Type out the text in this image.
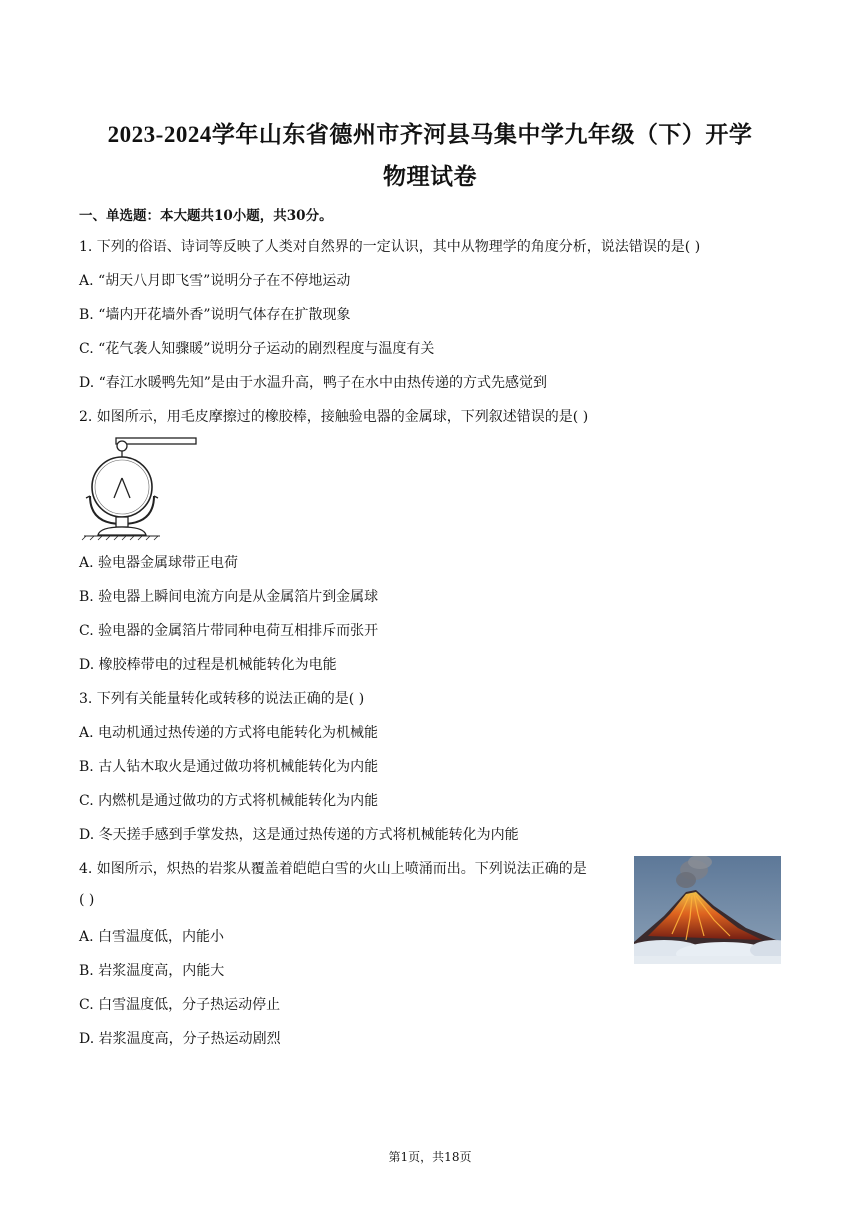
2023-2024学年山东省德州市齐河县马集中学九年级（下）开学
物理试卷
一、单选题：本大题共10小题，共30分。
1. 下列的俗语、诗词等反映了人类对自然界的一定认识，其中从物理学的角度分析，说法错误的是( )
A. “胡天八月即飞雪”说明分子在不停地运动
B. “墙内开花墙外香”说明气体存在扩散现象
C. “花气袭人知骤暖”说明分子运动的剧烈程度与温度有关
D. “春江水暖鸭先知”是由于水温升高，鸭子在水中由热传递的方式先感觉到
2. 如图所示，用毛皮摩擦过的橡胶棒，接触验电器的金属球，下列叙述错误的是( )
A. 验电器金属球带正电荷
B. 验电器上瞬间电流方向是从金属箔片到金属球
C. 验电器的金属箔片带同种电荷互相排斥而张开
D. 橡胶棒带电的过程是机械能转化为电能
3. 下列有关能量转化或转移的说法正确的是( )
A. 电动机通过热传递的方式将电能转化为机械能
B. 古人钻木取火是通过做功将机械能转化为内能
C. 内燃机是通过做功的方式将机械能转化为内能
D. 冬天搓手感到手掌发热，这是通过热传递的方式将机械能转化为内能
4. 如图所示，炽热的岩浆从覆盖着皑皑白雪的火山上喷涌而出。下列说法正确的是
( )
A. 白雪温度低，内能小
B. 岩浆温度高，内能大
C. 白雪温度低，分子热运动停止
D. 岩浆温度高，分子热运动剧烈
第1页，共18页
